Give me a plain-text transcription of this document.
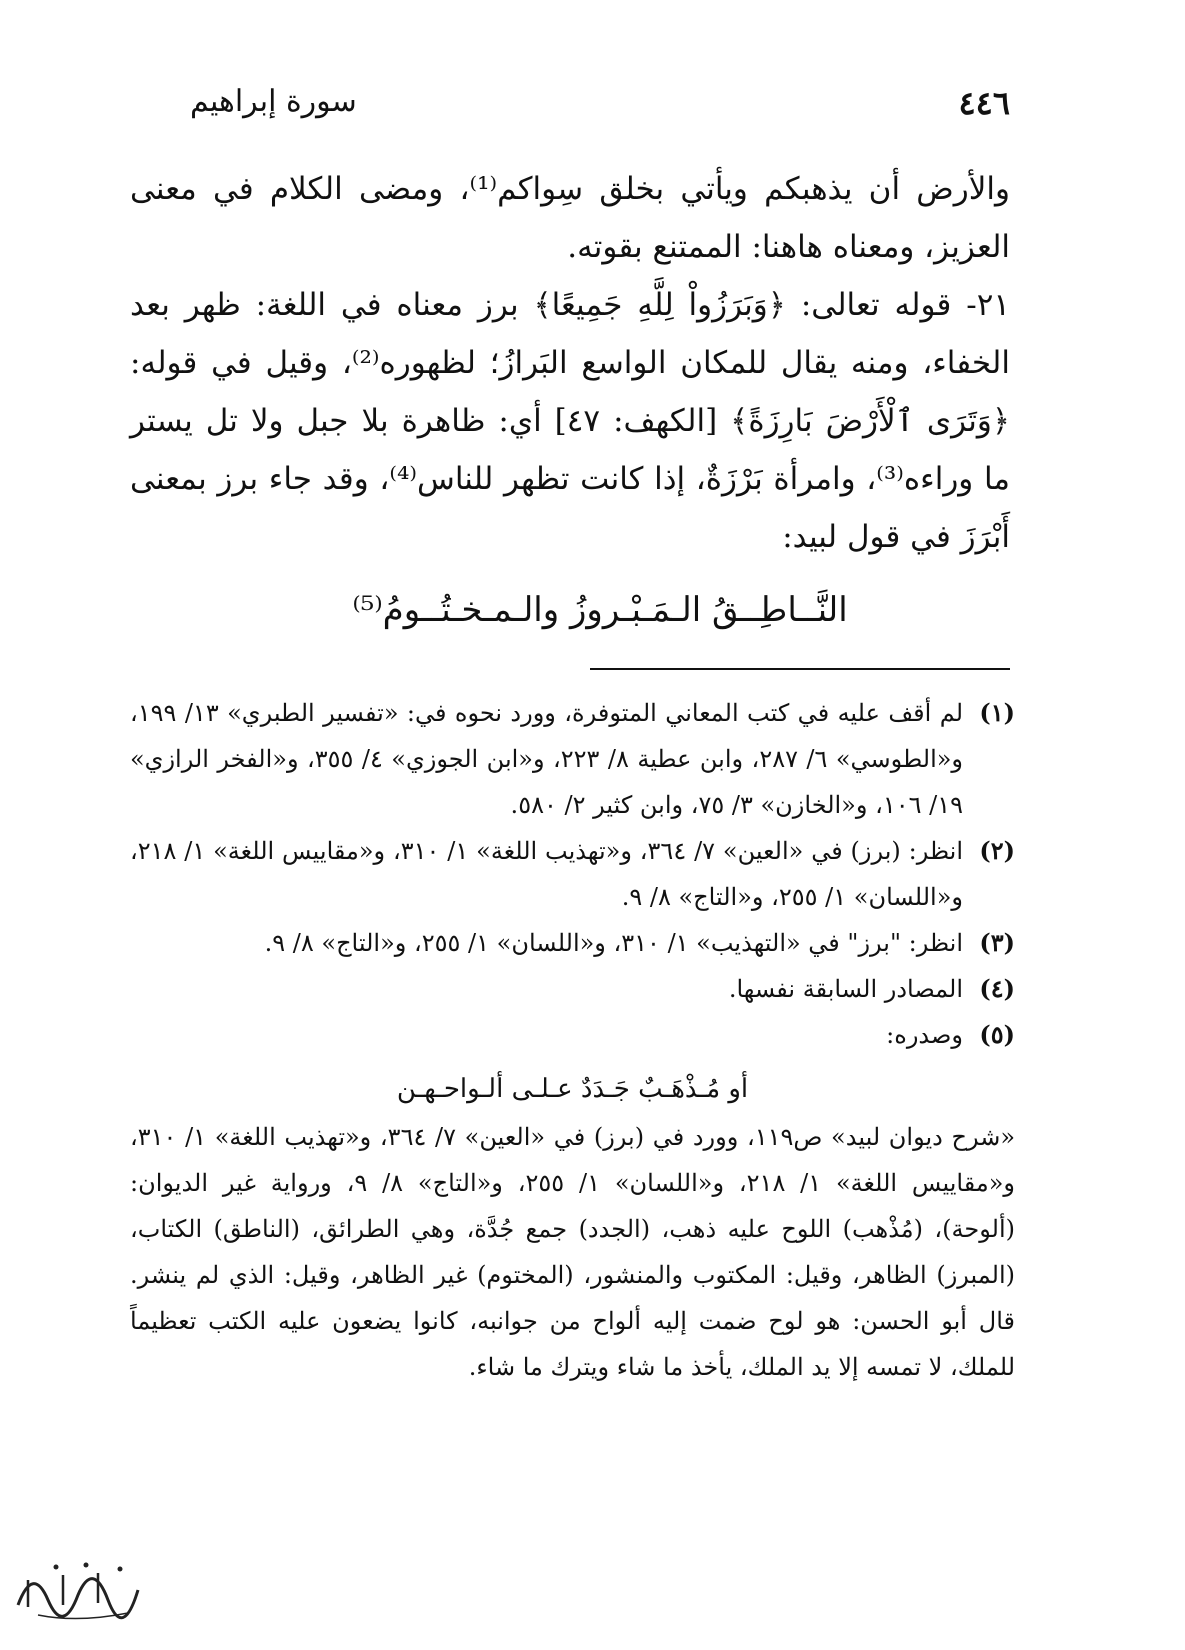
٤٤٦
سورة إبراهيم

والأرض أن يذهبكم ويأتي بخلق سِواكم⁽¹⁾، ومضى الكلام في معنى العزيز، ومعناه هاهنا: الممتنع بقوته.

٢١- قوله تعالى: ﴿وَبَرَزُواْ لِلَّهِ جَمِيعًا﴾ برز معناه في اللغة: ظهر بعد الخفاء، ومنه يقال للمكان الواسع البَرازُ؛ لظهوره⁽²⁾، وقيل في قوله: ﴿وَتَرَى ٱلْأَرْضَ بَارِزَةً﴾ [الكهف: ٤٧] أي: ظاهرة بلا جبل ولا تل يستر ما وراءه⁽³⁾، وامرأة بَرْزَةٌ، إذا كانت تظهر للناس⁽⁴⁾، وقد جاء برز بمعنى أَبْرَزَ في قول لبيد:

النَّــاطِــقُ الـمَـبْـروزُ والـمـخـتُــومُ⁽⁵⁾
(١)
لم أقف عليه في كتب المعاني المتوفرة، وورد نحوه في: «تفسير الطبري» ١٣/ ١٩٩، و«الطوسي» ٦/ ٢٨٧، وابن عطية ٨/ ٢٢٣، و«ابن الجوزي» ٤/ ٣٥٥، و«الفخر الرازي» ١٩/ ١٠٦، و«الخازن» ٣/ ٧٥، وابن كثير ٢/ ٥٨٠.
(٢)
انظر: (برز) في «العين» ٧/ ٣٦٤، و«تهذيب اللغة» ١/ ٣١٠، و«مقاييس اللغة» ١/ ٢١٨، و«اللسان» ١/ ٢٥٥، و«التاج» ٨/ ٩.
(٣)
انظر: "برز" في «التهذيب» ١/ ٣١٠، و«اللسان» ١/ ٢٥٥، و«التاج» ٨/ ٩.
(٤)
المصادر السابقة نفسها.
(٥)
وصدره:
أو مُـذْهَـبٌ جَـدَدٌ عـلـى ألـواحـهـن

«شرح ديوان لبيد» ص١١٩، وورد في (برز) في «العين» ٧/ ٣٦٤، و«تهذيب اللغة» ١/ ٣١٠، و«مقاييس اللغة» ١/ ٢١٨، و«اللسان» ١/ ٢٥٥، و«التاج» ٨/ ٩، ورواية غير الديوان: (ألوحة)، (مُذْهب) اللوح عليه ذهب، (الجدد) جمع جُدَّة، وهي الطرائق، (الناطق) الكتاب، (المبرز) الظاهر، وقيل: المكتوب والمنشور، (المختوم) غير الظاهر، وقيل: الذي لم ينشر. قال أبو الحسن: هو لوح ضمت إليه ألواح من جوانبه، كانوا يضعون عليه الكتب تعظيماً للملك، لا تمسه إلا يد الملك، يأخذ ما شاء ويترك ما شاء.
